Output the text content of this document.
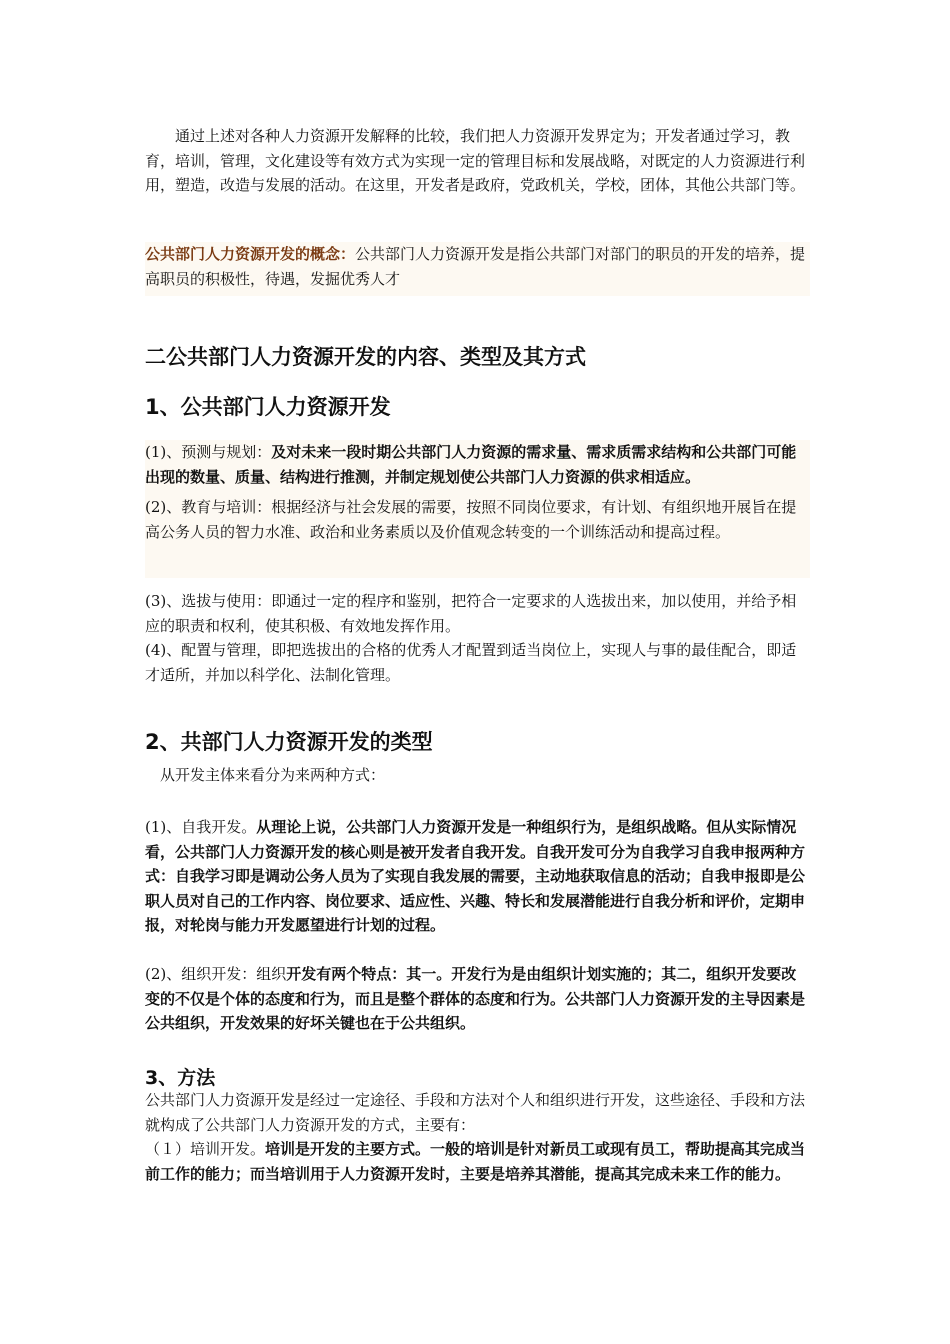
通过上述对各种人力资源开发解释的比较，我们把人力资源开发界定为；开发者通过学习，教育，培训，管理，文化建设等有效方式为实现一定的管理目标和发展战略，对既定的人力资源进行利用，塑造，改造与发展的活动。在这里，开发者是政府，党政机关，学校，团体，其他公共部门等。

公共部门人力资源开发的概念：公共部门人力资源开发是指公共部门对部门的职员的开发的培养，提高职员的积极性，待遇，发掘优秀人才
二公共部门人力资源开发的内容、类型及其方式
1、公共部门人力资源开发
(1)、预测与规划：及对未来一段时期公共部门人力资源的需求量、需求质需求结构和公共部门可能出现的数量、质量、结构进行推测，并制定规划使公共部门人力资源的供求相适应。
(2)、教育与培训：根据经济与社会发展的需要，按照不同岗位要求，有计划、有组织地开展旨在提高公务人员的智力水准、政治和业务素质以及价值观念转变的一个训练活动和提高过程。
(3)、选拔与使用：即通过一定的程序和鉴别，把符合一定要求的人选拔出来，加以使用，并给予相应的职责和权利，使其积极、有效地发挥作用。
(4)、配置与管理，即把选拔出的合格的优秀人才配置到适当岗位上，实现人与事的最佳配合，即适才适所，并加以科学化、法制化管理。
2、共部门人力资源开发的类型

从开发主体来看分为来两种方式：

(1)、自我开发。从理论上说，公共部门人力资源开发是一种组织行为，是组织战略。但从实际情况看，公共部门人力资源开发的核心则是被开发者自我开发。自我开发可分为自我学习自我申报两种方式：自我学习即是调动公务人员为了实现自我发展的需要，主动地获取信息的活动；自我申报即是公职人员对自己的工作内容、岗位要求、适应性、兴趣、特长和发展潜能进行自我分析和评价，定期申报，对轮岗与能力开发愿望进行计划的过程。
(2)、组织开发：组织开发有两个特点：其一。开发行为是由组织计划实施的；其二，组织开发要改变的不仅是个体的态度和行为，而且是整个群体的态度和行为。公共部门人力资源开发的主导因素是公共组织，开发效果的好坏关键也在于公共组织。
3、方法

公共部门人力资源开发是经过一定途径、手段和方法对个人和组织进行开发，这些途径、手段和方法就构成了公共部门人力资源开发的方式，主要有：

（１）培训开发。培训是开发的主要方式。一般的培训是针对新员工或现有员工，帮助提高其完成当前工作的能力；而当培训用于人力资源开发时，主要是培养其潜能，提高其完成未来工作的能力。
